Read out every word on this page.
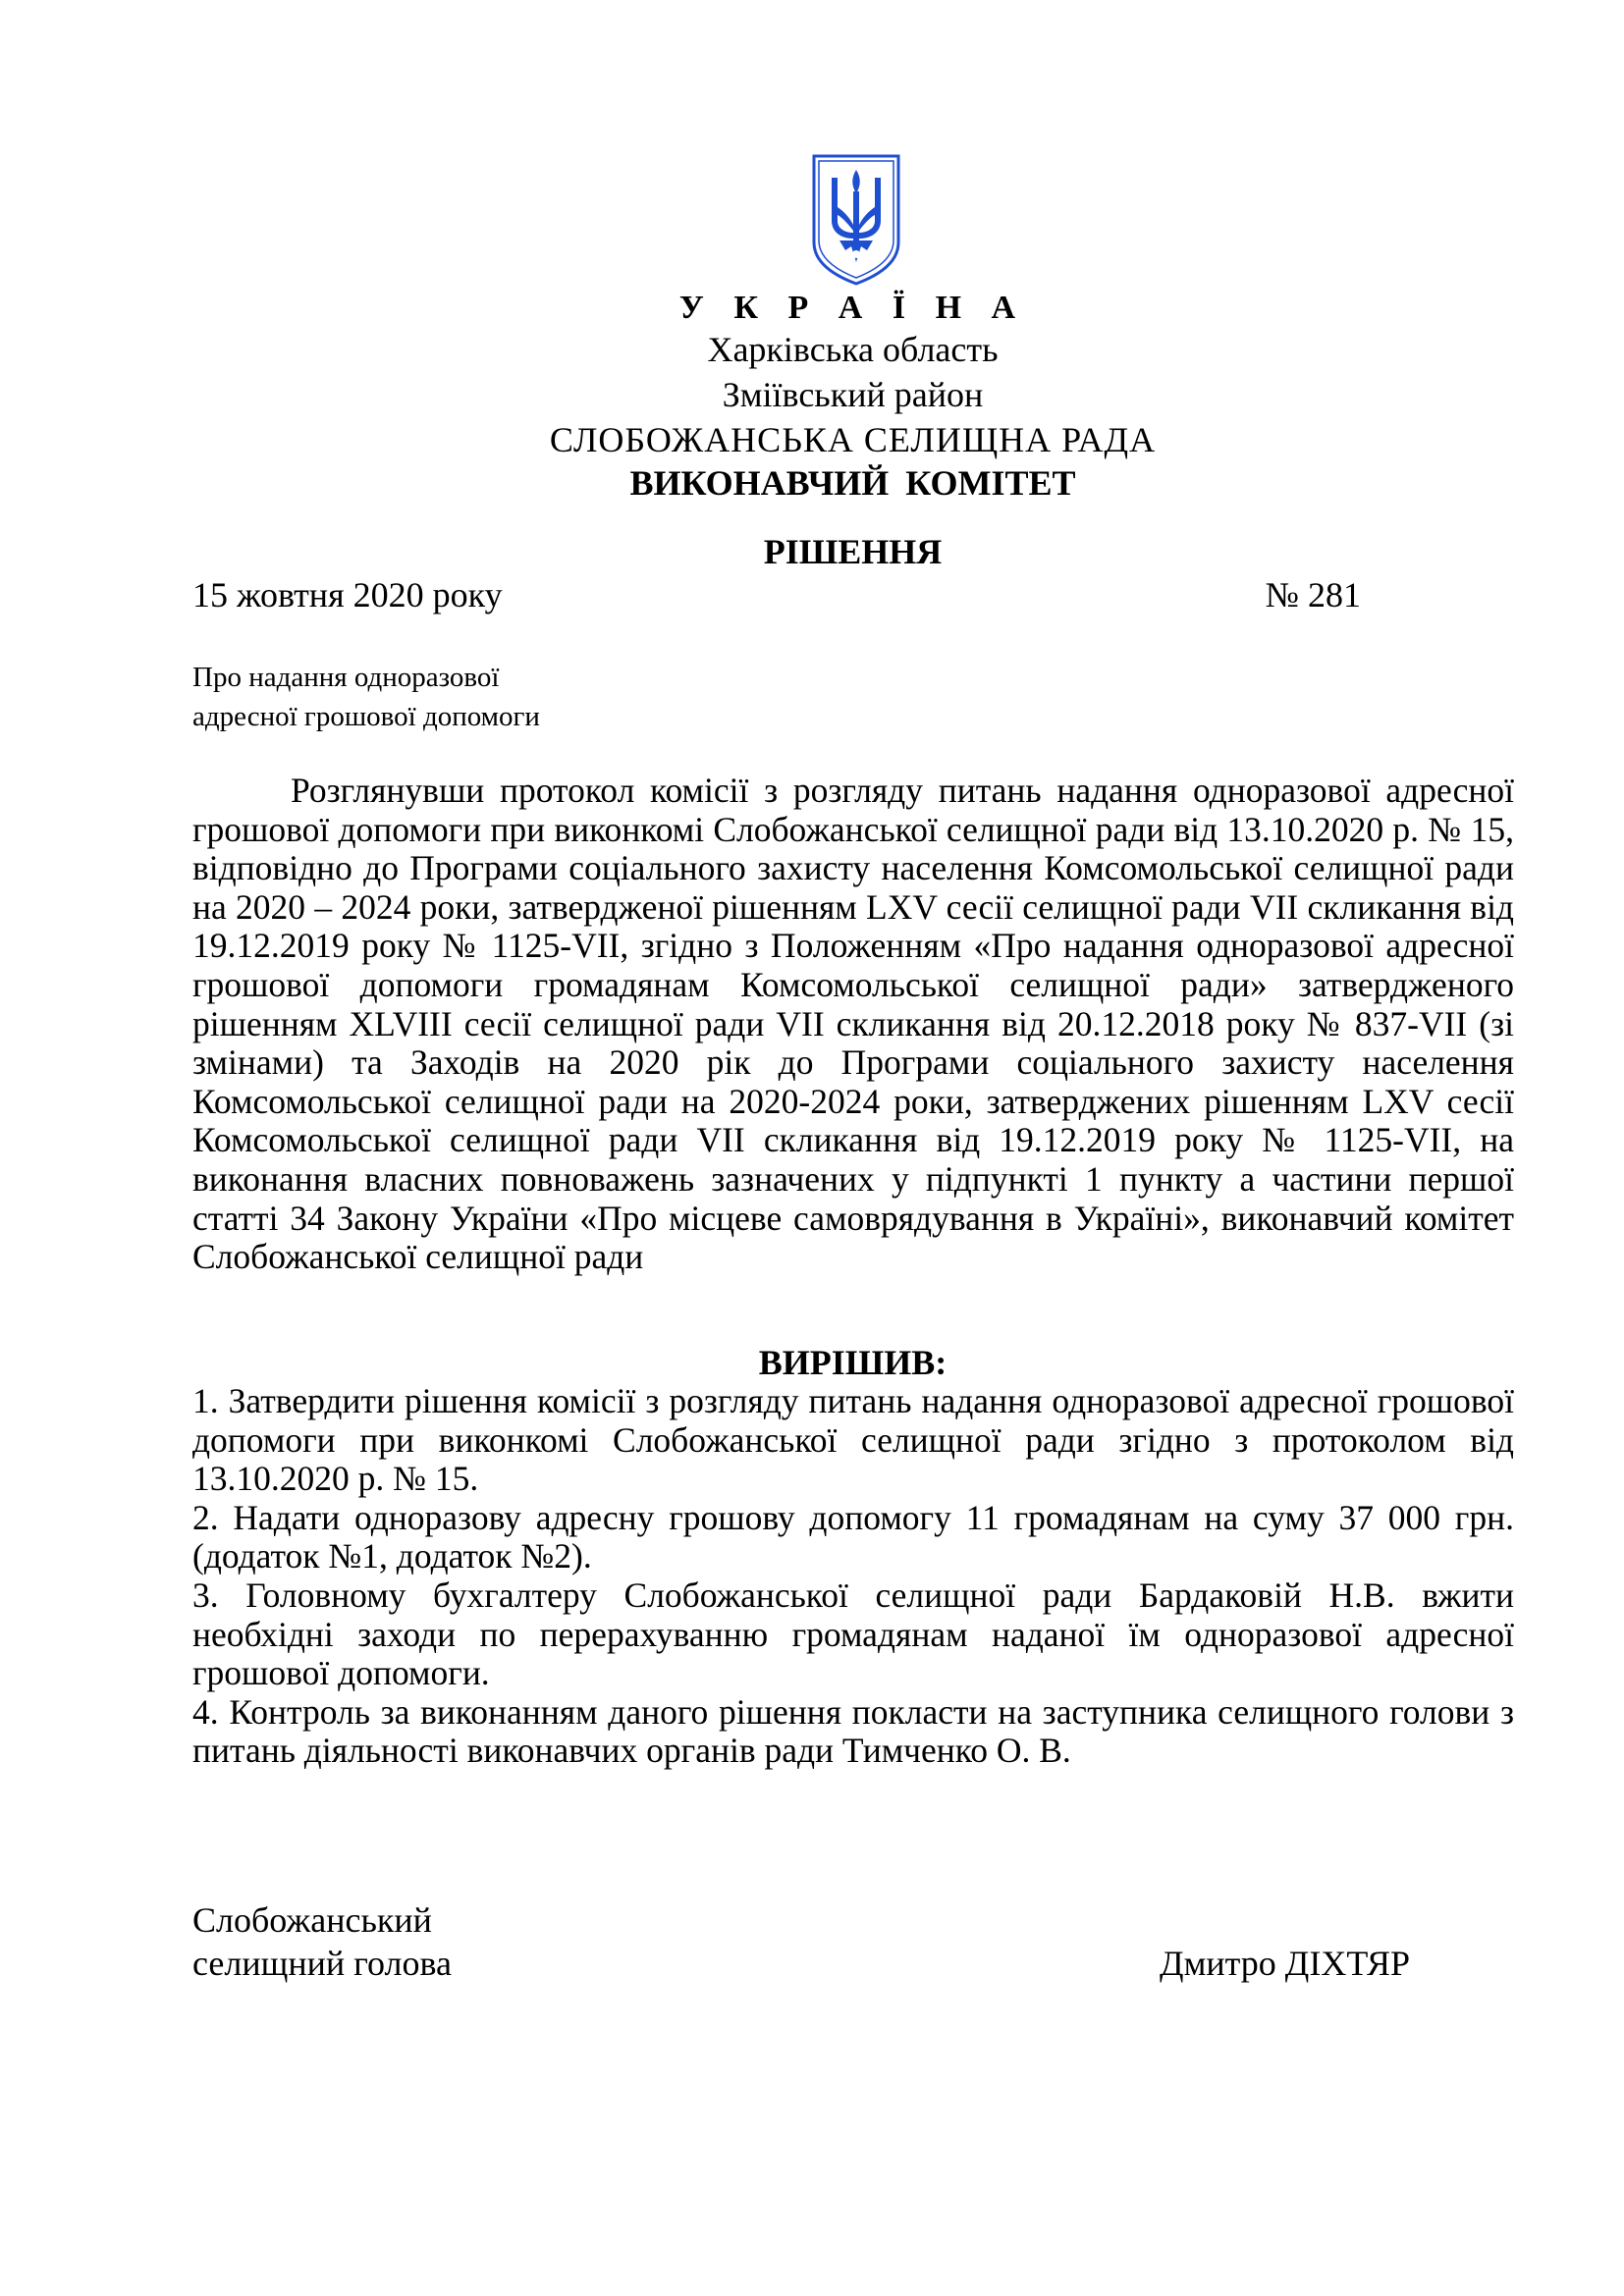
У К Р А Ї Н А
Харківська область
Зміївський район
СЛОБОЖАНСЬКА СЕЛИЩНА РАДА
ВИКОНАВЧИЙ КОМІТЕТ
РІШЕННЯ
15 жовтня 2020 року	№ 281
Про надання одноразової
адресної грошової допомоги

Розглянувши протокол комісії з розгляду питань надання одноразової адресної грошової допомоги при виконкомі Слобожанської селищної ради від 13.10.2020 р. № 15, відповідно до Програми соціального захисту населення Комсомольської селищної ради на 2020 – 2024 роки, затвердженої рішенням LXV сесії селищної ради VII скликання від 19.12.2019 року № 1125-VII, згідно з Положенням «Про надання одноразової адресної грошової допомоги громадянам Комсомольської селищної ради» затвердженого рішенням XLVIII сесії селищної ради VII скликання від 20.12.2018 року № 837-VII (зі змінами) та Заходів на 2020 рік до Програми соціального захисту населення Комсомольської селищної ради на 2020-2024 роки, затверджених рішенням LXV сесії Комсомольської селищної ради VII скликання від 19.12.2019 року № 1125-VII, на виконання власних повноважень зазначених у підпункті 1 пункту а частини першої статті 34 Закону України «Про місцеве самоврядування в Україні», виконавчий комітет Слобожанської селищної ради

ВИРІШИВ:

1. Затвердити рішення комісії з розгляду питань надання одноразової адресної грошової допомоги при виконкомі Слобожанської селищної ради згідно з протоколом від 13.10.2020 р. № 15.

2. Надати одноразову адресну грошову допомогу 11 громадянам на суму 37 000 грн. (додаток №1, додаток №2).

3. Головному бухгалтеру Слобожанської селищної ради Бардаковій Н.В. вжити необхідні заходи по перерахуванню громадянам наданої їм одноразової адресної грошової допомоги.

4. Контроль за виконанням даного рішення покласти на заступника селищного голови з питань діяльності виконавчих органів ради Тимченко О. В.

Слобожанський
селищний голова	Дмитро ДІХТЯР
